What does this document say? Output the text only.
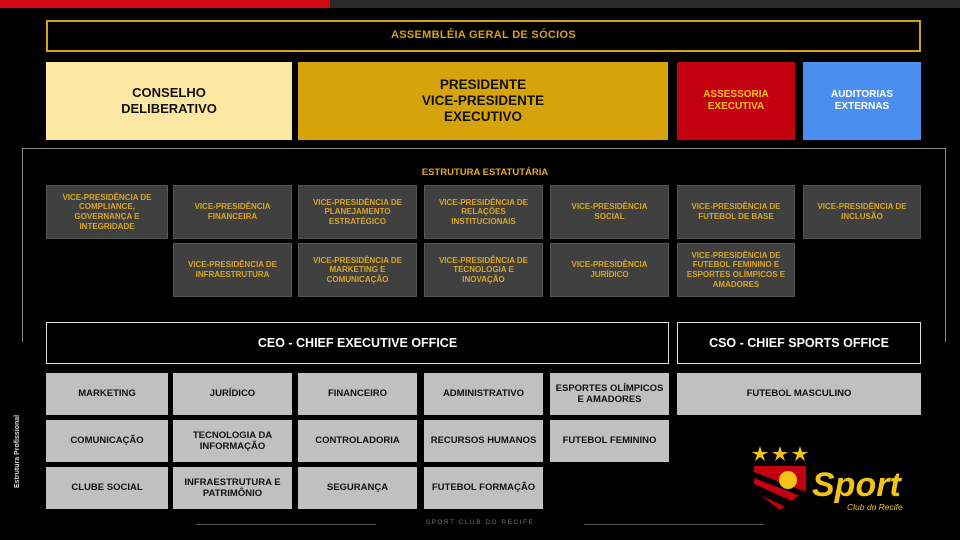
ASSEMBLÉIA GERAL DE SÓCIOS
CONSELHO
DELIBERATIVO
PRESIDENTE
VICE-PRESIDENTE
EXECUTIVO
ASSESSORIA
EXECUTIVA
AUDITORIAS
EXTERNAS
ESTRUTURA ESTATUTÁRIA
VICE-PRESIDÊNCIA DE COMPLIANCE, GOVERNANÇA E INTEGRIDADE
VICE-PRESIDÊNCIA FINANCEIRA
VICE-PRESIDÊNCIA DE PLANEJAMENTO ESTRATÉGICO
VICE-PRESIDÊNCIA DE RELAÇÕES INSTITUCIONAIS
VICE-PRESIDÊNCIA SOCIAL
VICE-PRESIDÊNCIA DE FUTEBOL DE BASE
VICE-PRESIDÊNCIA DE INCLUSÃO
VICE-PRESIDÊNCIA DE INFRAESTRUTURA
VICE-PRESIDÊNCIA DE MARKETING E COMUNICAÇÃO
VICE-PRESIDÊNCIA DE TECNOLOGIA E INOVAÇÃO
VICE-PRESIDÊNCIA JURÍDICO
VICE-PRESIDÊNCIA DE FUTEBOL FEMININO E ESPORTES OLÍMPICOS E AMADORES
CEO - CHIEF EXECUTIVE OFFICE	CSO - CHIEF SPORTS OFFICE
MARKETING	JURÍDICO	FINANCEIRO	ADMINISTRATIVO
ESPORTES OLÍMPICOS E AMADORES
FUTEBOL MASCULINO
COMUNICAÇÃO
TECNOLOGIA DA INFORMAÇÃO
CONTROLADORIA	RECURSOS HUMANOS	FUTEBOL FEMININO
CLUBE SOCIAL
INFRAESTRUTURA E PATRIMÔNIO
SEGURANÇA	FUTEBOL FORMAÇÃO
Estrutura Profissional
SPORT CLUB DO RECIFE
Sport
Club do Recife
